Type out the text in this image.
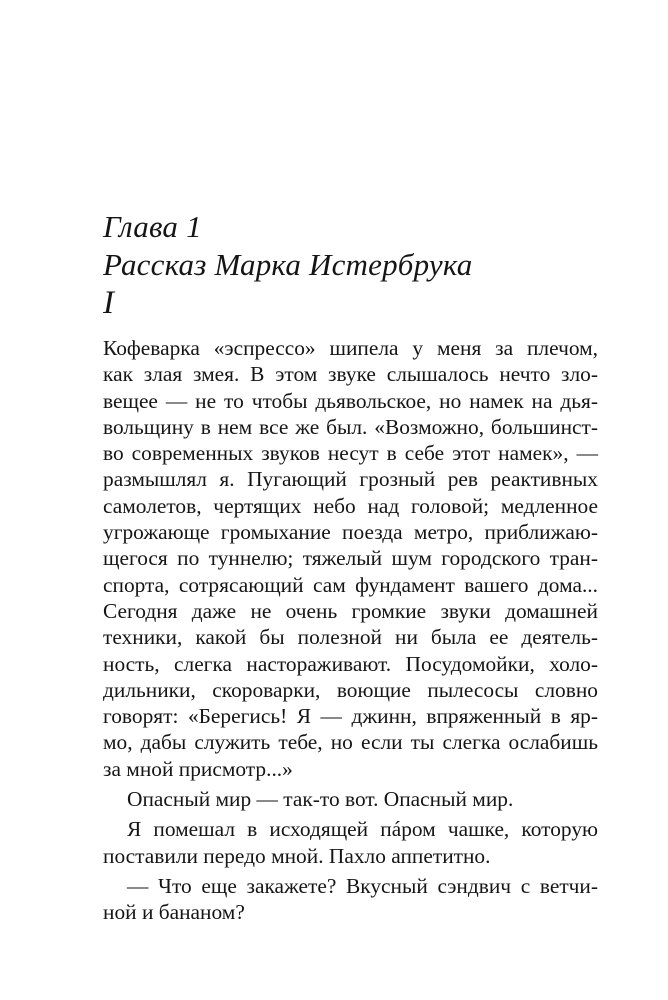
Глава 1
Рассказ Марка Истербрука
I

Кофеварка «эспрессо» шипела у меня за плечом,
как злая змея. В этом звуке слышалось нечто зло-
вещее — не то чтобы дьявольское, но намек на дья-
вольщину в нем все же был. «Возможно, большинст-
во современных звуков несут в себе этот намек», —
размышлял я. Пугающий грозный рев реактивных
самолетов, чертящих небо над головой; медленное
угрожающе громыхание поезда метро, приближаю-
щегося по туннелю; тяжелый шум городского тран-
спорта, сотрясающий сам фундамент вашего дома...
Сегодня даже не очень громкие звуки домашней
техники, какой бы полезной ни была ее деятель-
ность, слегка настораживают. Посудомойки, холо-
дильники, скороварки, воющие пылесосы словно
говорят: «Берегись! Я — джинн, впряженный в яр-
мо, дабы служить тебе, но если ты слегка ослабишь
за мной присмотр...»

Опасный мир — так-то вот. Опасный мир.

Я помешал в исходящей пáром чашке, которую
поставили передо мной. Пахло аппетитно.

— Что еще закажете? Вкусный сэндвич с ветчи-
ной и бананом?
